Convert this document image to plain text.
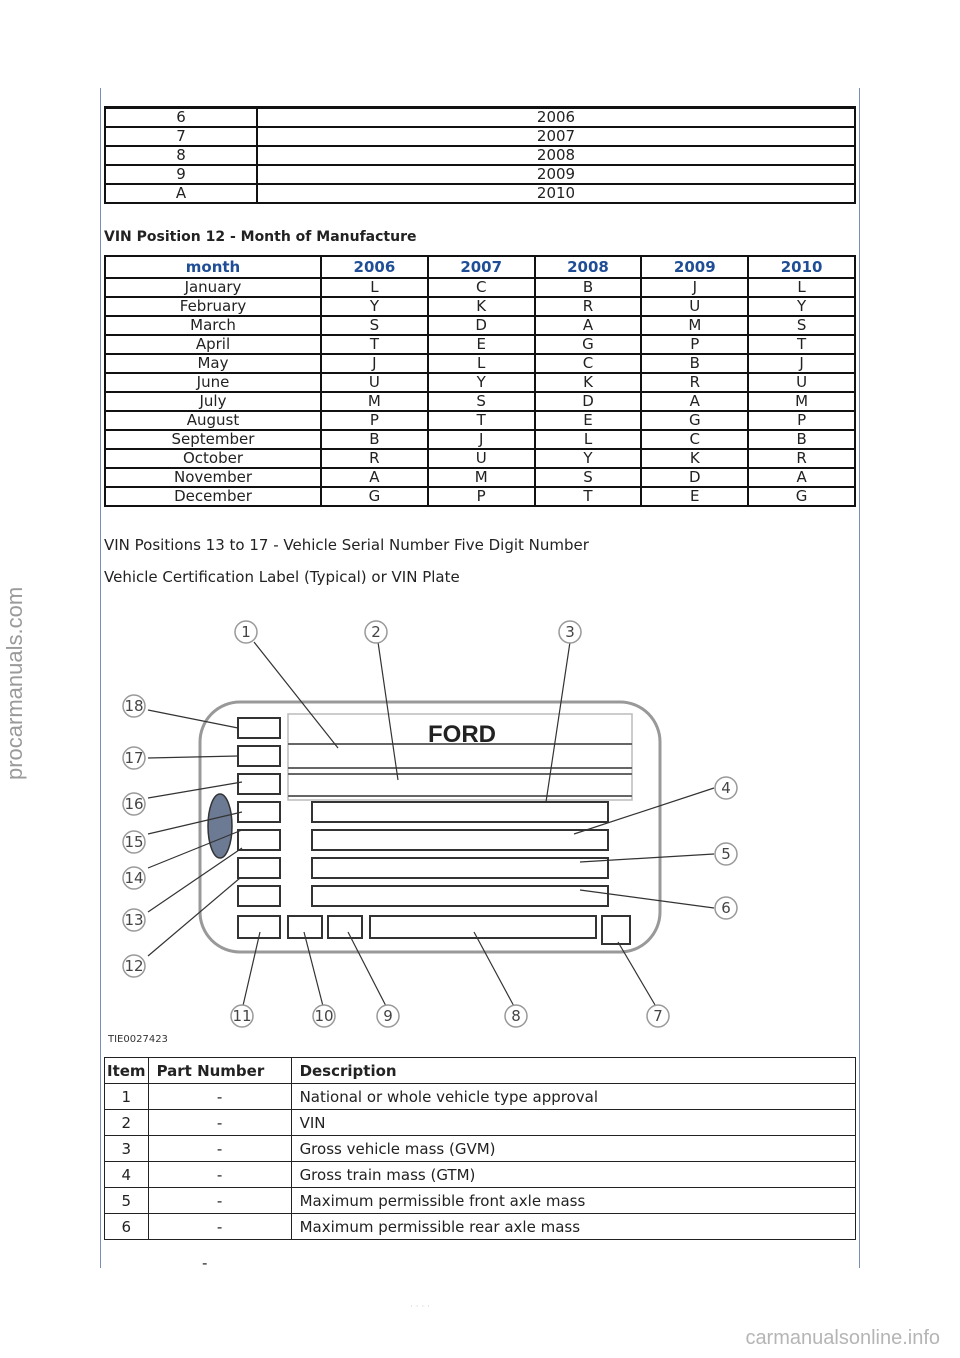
6	2006
7	2007
8	2008
9	2009
A	2010
VIN Position 12 - Month of Manufacture
month	2006	2007	2008	2009	2010
January	L	C	B	J	L
February	Y	K	R	U	Y
March	S	D	A	M	S
April	T	E	G	P	T
May	J	L	C	B	J
June	U	Y	K	R	U
July	M	S	D	A	M
August	P	T	E	G	P
September	B	J	L	C	B
October	R	U	Y	K	R
November	A	M	S	D	A
December	G	P	T	E	G
VIN Positions 13 to 17 - Vehicle Serial Number Five Digit Number
Vehicle Certification Label (Typical) or VIN Plate
FORD
1	2	3
4
5
6
7
8
9
10
11
12
13
14
15
16
17
18
TIE0027423
Item	Part Number	Description
1	-	National or whole vehicle type approval
2	-	VIN
3	-	Gross vehicle mass (GVM)
4	-	Gross train mass (GTM)
5	-	Maximum permissible front axle mass
6	-	Maximum permissible rear axle mass
-
· · · ·
procarmanuals.com
carmanualsonline.info
